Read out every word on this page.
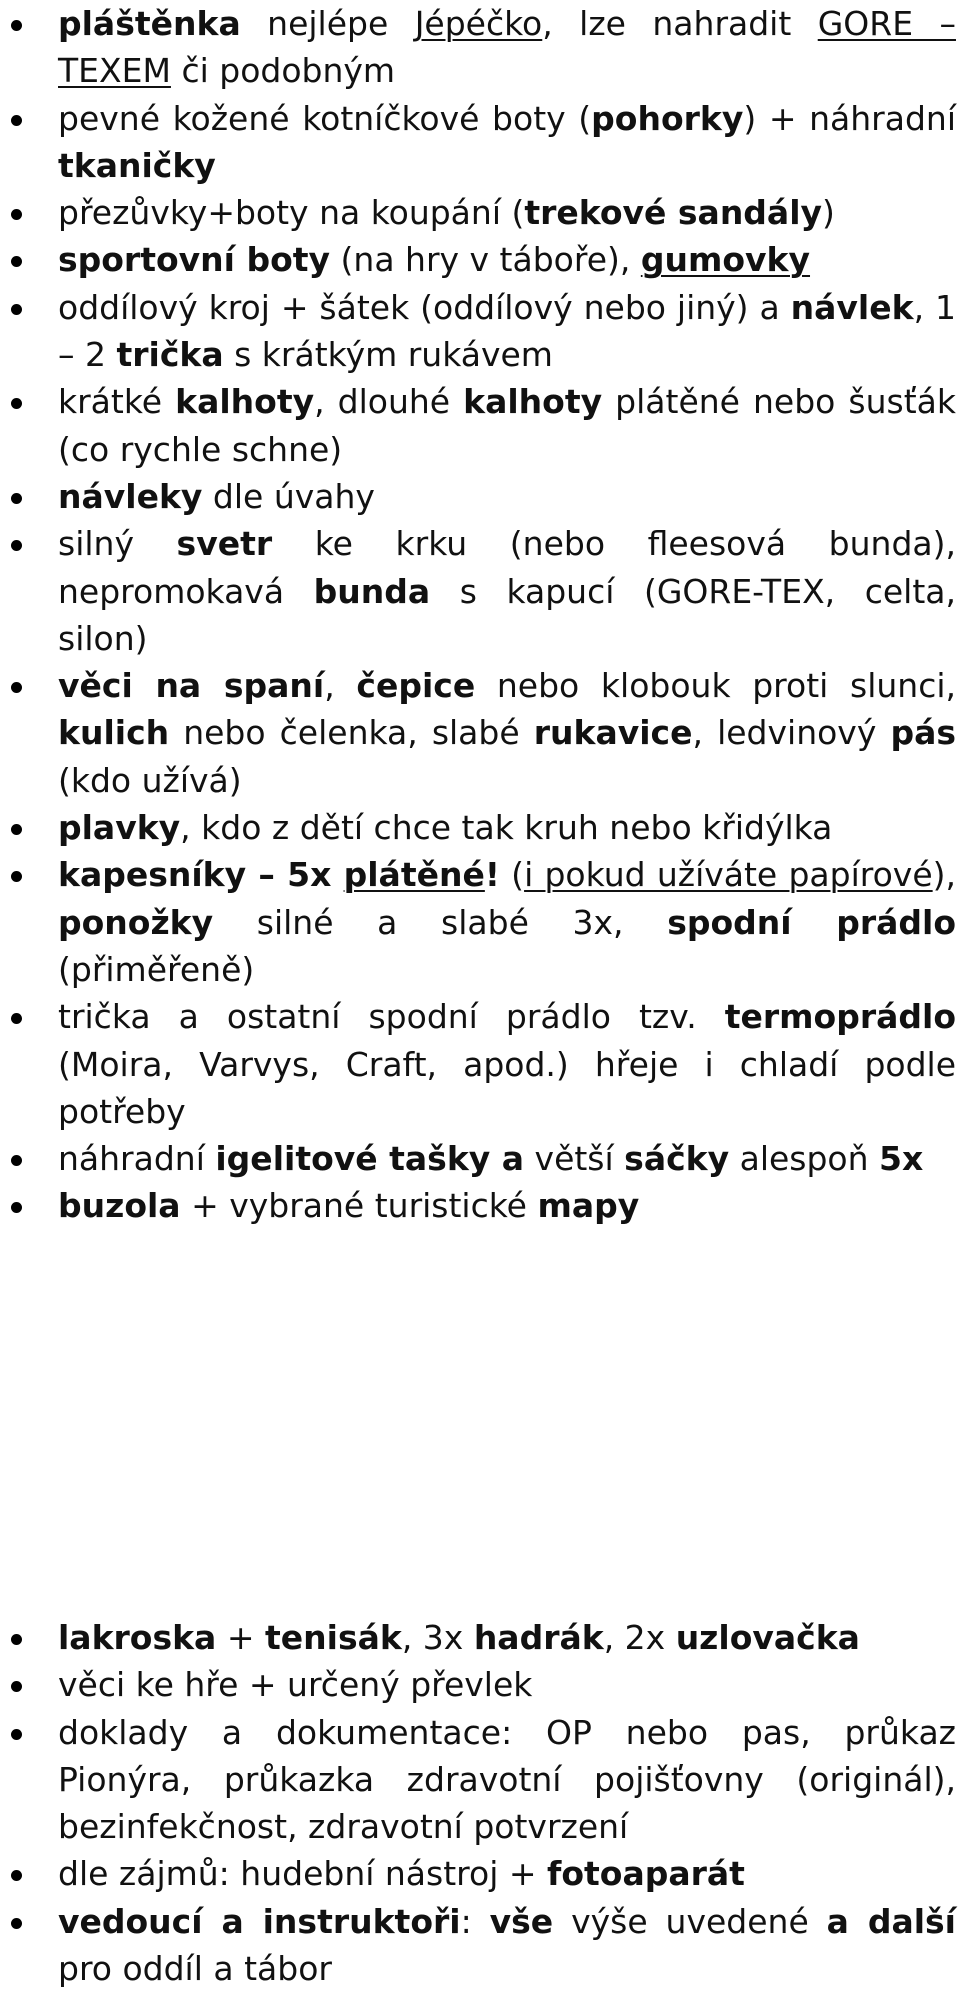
pláštěnka nejlépe Jépéčko, lze nahradit GORE – TEXEM či podobným
pevné kožené kotníčkové boty (pohorky) + náhradní tkaničky
přezůvky+boty na koupání (trekové sandály)
sportovní boty (na hry v táboře), gumovky
oddílový kroj + šátek (oddílový nebo jiný) a návlek, 1 – 2 trička s krátkým rukávem
krátké kalhoty, dlouhé kalhoty plátěné nebo šusťák (co rychle schne)
návleky dle úvahy
silný svetr ke krku (nebo fleesová bunda), nepromokavá bunda s kapucí (GORE-TEX, celta, silon)
věci na spaní, čepice nebo klobouk proti slunci, kulich nebo čelenka, slabé rukavice, ledvinový pás (kdo užívá)
plavky, kdo z dětí chce tak kruh nebo křidýlka
kapesníky – 5x plátěné! (i pokud užíváte papírové), ponožky silné a slabé 3x, spodní prádlo (přiměřeně)
trička a ostatní spodní prádlo tzv. termoprádlo (Moira, Varvys, Craft, apod.) hřeje i chladí podle potřeby
náhradní igelitové tašky a větší sáčky alespoň 5x
buzola + vybrané turistické mapy
lakroska + tenisák, 3x hadrák, 2x uzlovačka
věci ke hře + určený převlek
doklady a dokumentace: OP nebo pas, průkaz Pionýra, průkazka zdravotní pojišťovny (originál), bezinfekčnost, zdravotní potvrzení
dle zájmů: hudební nástroj + fotoaparát
vedoucí a instruktoři: vše výše uvedené a další pro oddíl a tábor
